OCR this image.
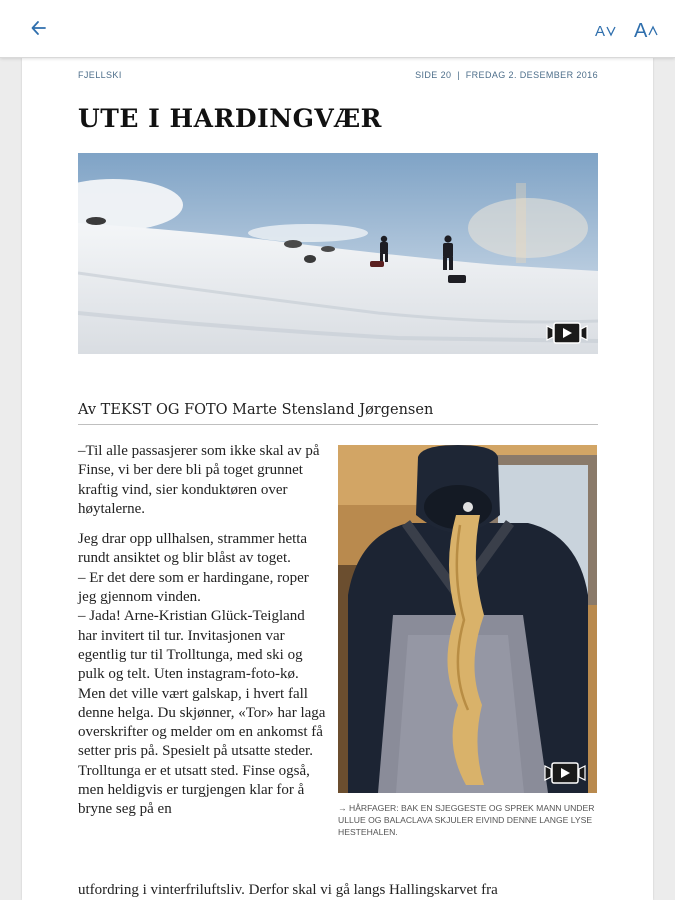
A A
FJELLSKI	SIDE 20  |  FREDAG 2. DESEMBER 2016
UTE I HARDINGVÆR
Av TEKST OG FOTO Marte Stensland Jørgensen

–Til alle passasjerer som ikke skal av på Finse, vi ber dere bli på toget grunnet kraftig vind, sier konduktøren over høytalerne.

Jeg drar opp ullhalsen, strammer hetta rundt ansiktet og blir blåst av toget.

– Er det dere som er hardingane, roper jeg gjennom vinden.

– Jada! Arne-Kristian Glück-Teigland har invitert til tur. Invitasjonen var egentlig tur til Trolltunga, med ski og pulk og telt. Uten instagram-foto-kø. Men det ville vært galskap, i hvert fall denne helga. Du skjønner, «Tor» har laga overskrifter og melder om en ankomst få setter pris på. Spesielt på utsatte steder. Trolltunga er et utsatt sted. Finse også, men heldigvis er turgjengen klar for å bryne seg på en

utfordring i vinterfriluftsliv. Derfor skal vi gå langs Hallingskarvet fra
→ HÅRFAGER: BAK EN SJEGGESTE OG SPREK MANN UNDER ULLUE OG BALACLAVA SKJULER EIVIND DENNE LANGE LYSE HESTEHALEN.
